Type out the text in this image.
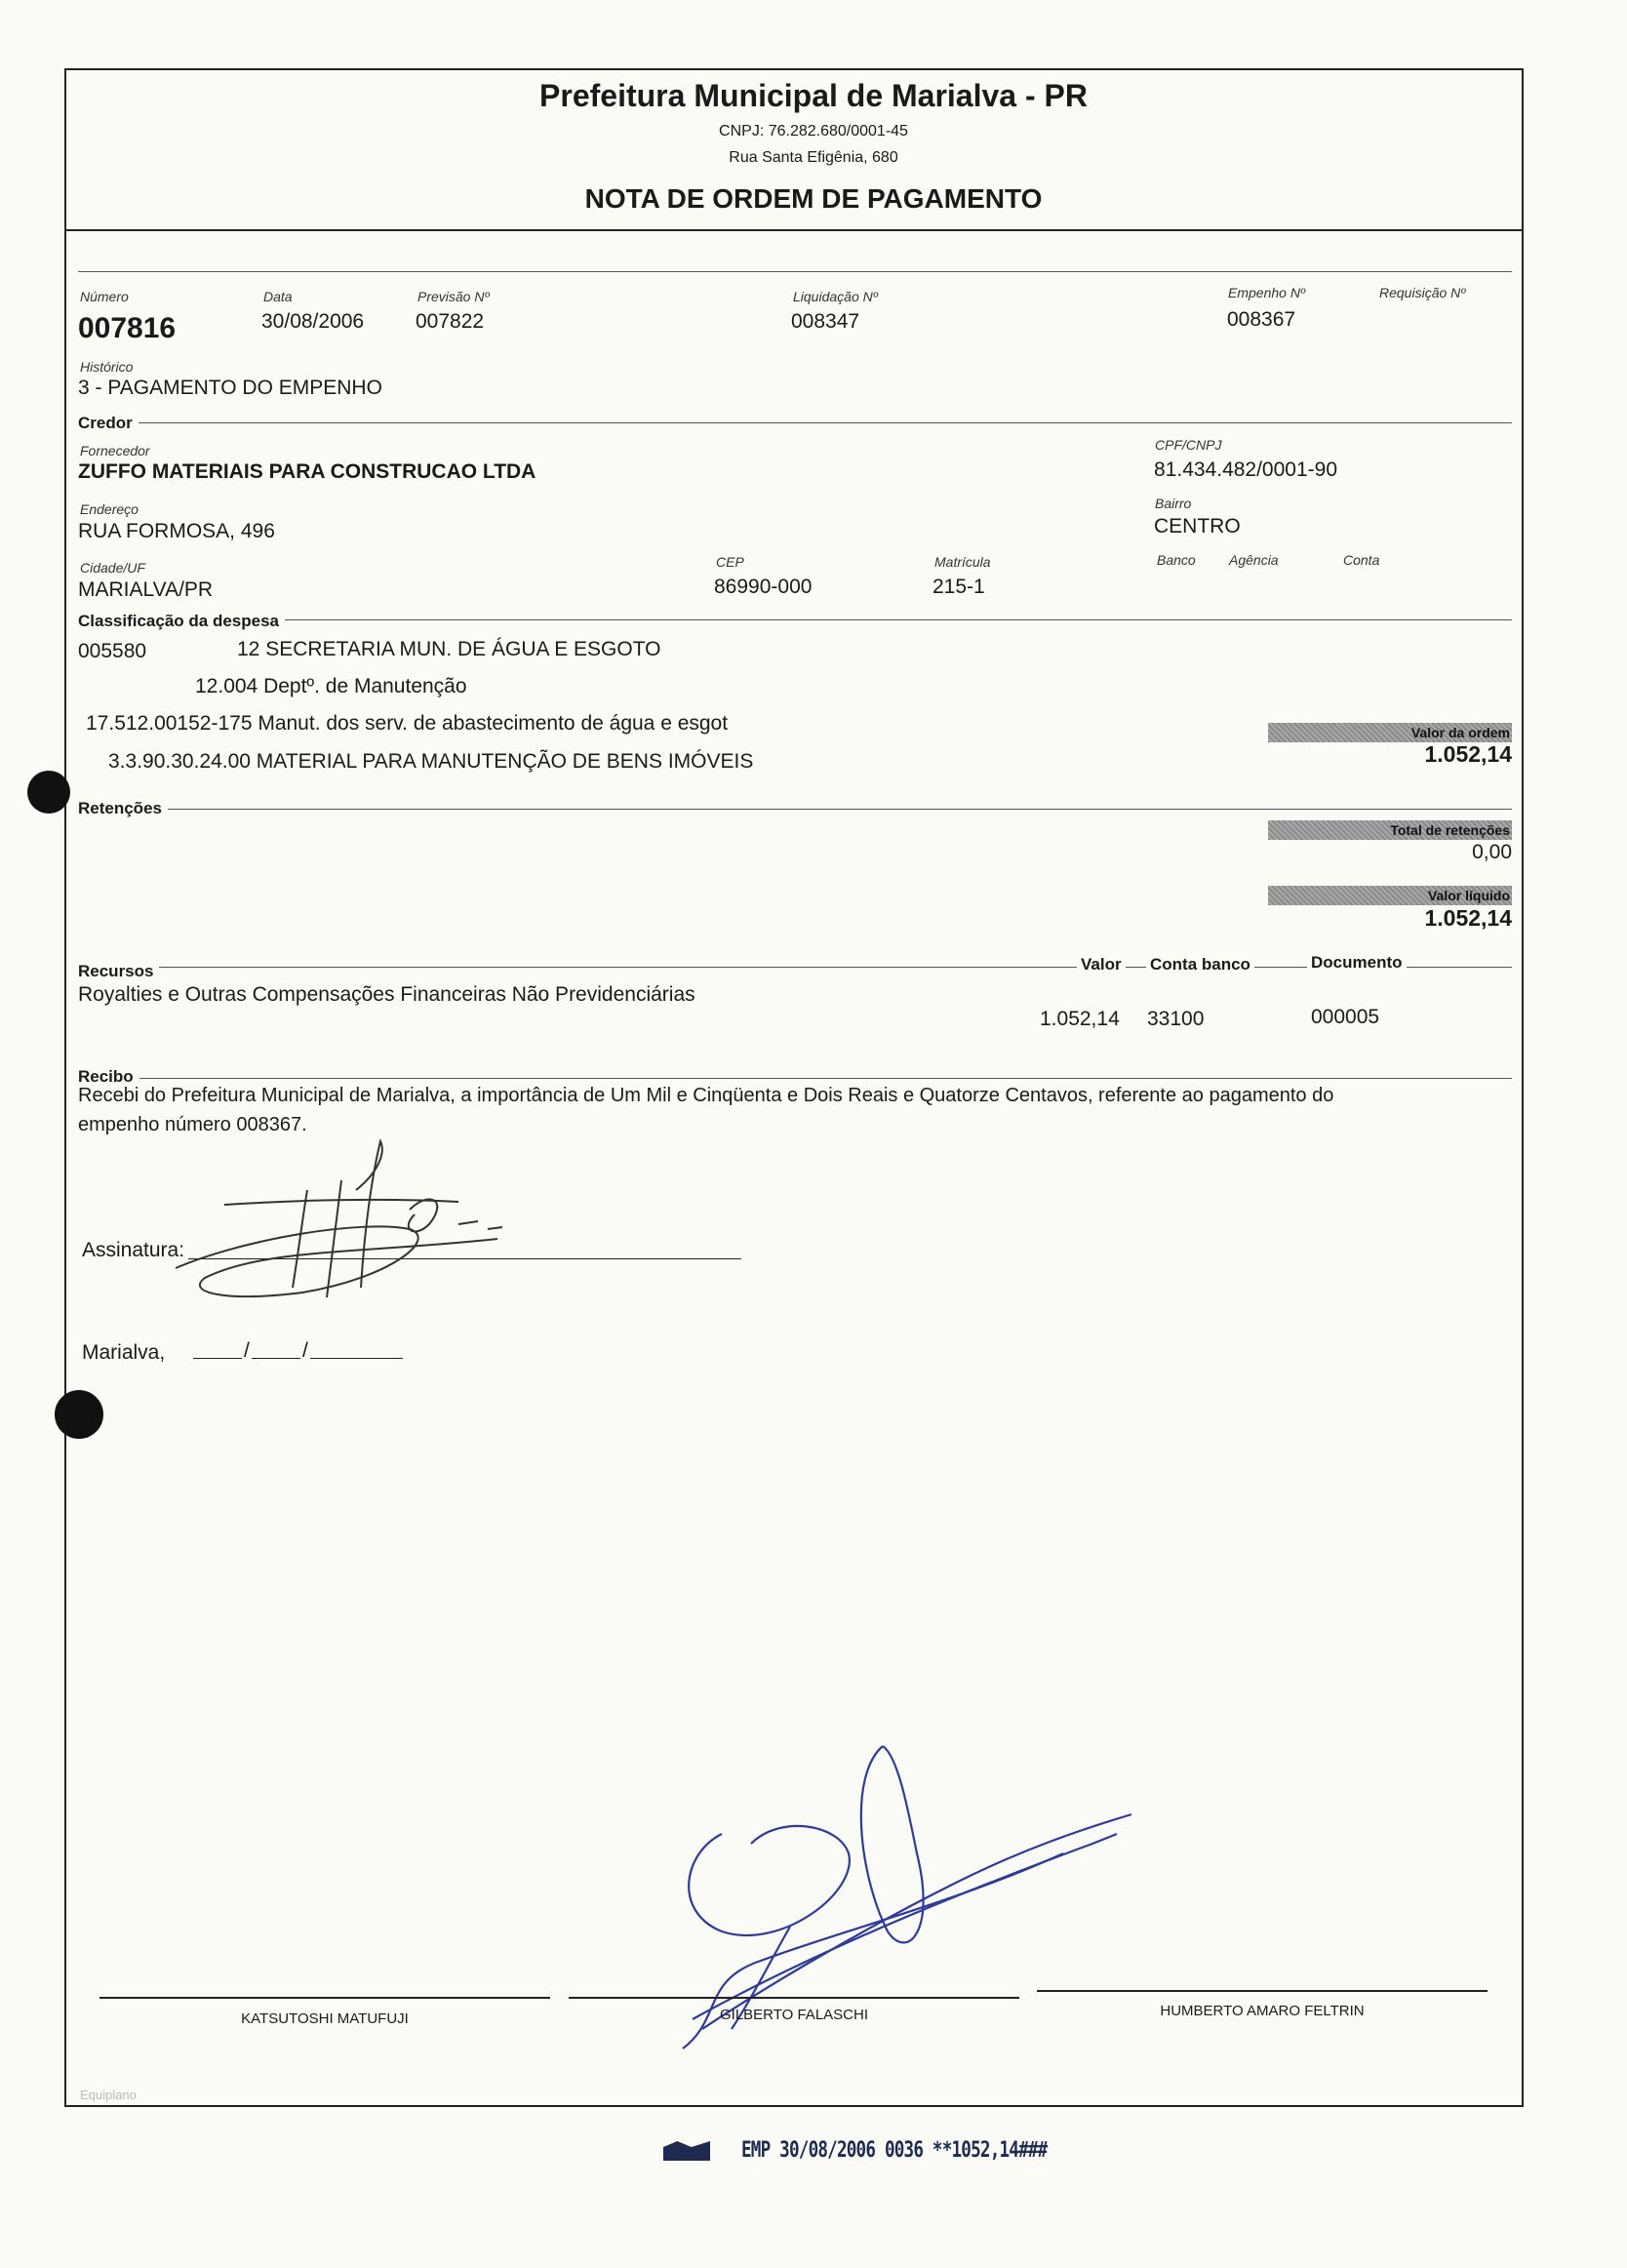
Prefeitura Municipal de Marialva - PR
CNPJ: 76.282.680/0001-45
Rua Santa Efigênia, 680
NOTA DE ORDEM DE PAGAMENTO
Número
007816
Data
30/08/2006
Previsão Nº
007822
Liquidação Nº
008347
Empenho Nº
008367
Requisição Nº
Histórico
3 - PAGAMENTO DO EMPENHO
Credor
Fornecedor
ZUFFO MATERIAIS PARA CONSTRUCAO LTDA
CPF/CNPJ
81.434.482/0001-90
Endereço
RUA FORMOSA, 496
Bairro
CENTRO
Cidade/UF
MARIALVA/PR
CEP
86990-000
Matrícula
215-1
Banco Agência	Conta
Classificação da despesa
005580	12 SECRETARIA MUN. DE ÁGUA E ESGOTO
12.004 Deptº. de Manutenção
17.512.00152-175 Manut. dos serv. de abastecimento de água e esgot
3.3.90.30.24.00 MATERIAL PARA MANUTENÇÃO DE BENS IMÓVEIS
Valor da ordem
1.052,14
Retenções
Total de retenções
0,00
Valor líquido
1.052,14
Recursos	Valor Conta banco	Documento
Royalties e Outras Compensações Financeiras Não Previdenciárias
1.052,14 33100	000005
Recibo
Recebi do Prefeitura Municipal de Marialva, a importância de Um Mil e Cinqüenta e Dois Reais e Quatorze Centavos, referente ao pagamento do
empenho número 008367.
Assinatura:
Marialva,	/	/
KATSUTOSHI MATUFUJI	GILBERTO FALASCHI	HUMBERTO AMARO FELTRIN
Equiplano
EMP 30/08/2006 0036 **1052,14###
